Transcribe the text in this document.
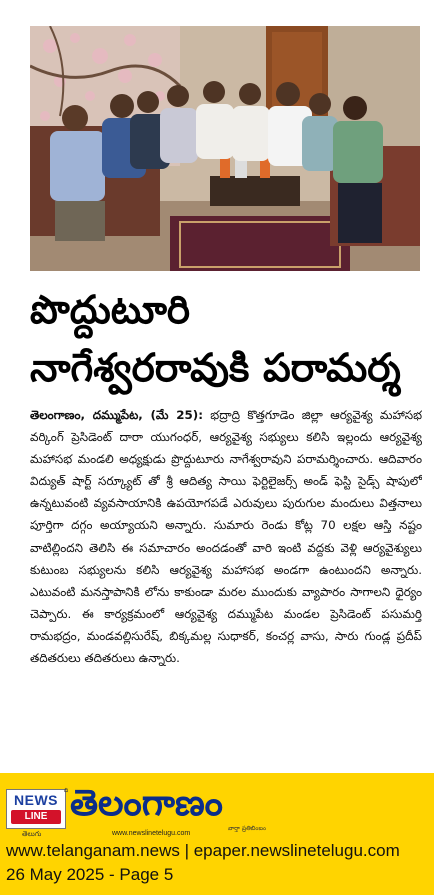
పొద్దుటూరి
నాగేశ్వరరావుకి పరామర్శ

తెలంగాణం, దమ్ముపేట, (మే 25): భద్రాద్రి కొత్తగూడెం జిల్లా ఆర్యవైశ్య మహాసభ వర్కింగ్ ప్రెసిడెంట్ దారా యుగంధర్, ఆర్యవైశ్య సభ్యులు కలిసి ఇల్లందు ఆర్యవైశ్య మహాసభ మండలి అధ్యక్షుడు ప్రొద్దుటూరు నాగేశ్వరావుని పరామర్శించారు. ఆదివారం విద్యుత్ షార్ట్ సర్క్యూట్ తో శ్రీ ఆదిత్య సాయి ఫెర్టిలైజర్స్ అండ్ ఫెస్టి సైడ్స్ షాపులో ఉన్నటువంటి వ్యవసాయానికి ఉపయోగపడే ఎరువులు పురుగుల మందులు విత్తనాలు పూర్తిగా దగ్గం అయ్యాయని అన్నారు. సుమారు రెండు కోట్ల 70 లక్షల ఆస్తి నష్టం వాటిల్లిందని తెలిసి ఈ సమాచారం అందడంతో వారి ఇంటి వద్దకు వెళ్లి ఆర్యవైశ్యులు కుటుంబ సభ్యులను కలిసి ఆర్యవైశ్య మహాసభ అండగా ఉంటుందని అన్నారు. ఎటువంటి మనస్తాపానికి లోను కాకుండా మరల ముందుకు వ్యాపారం సాగాలని ధైర్యం చెప్పారు. ఈ కార్యక్రమంలో ఆర్యవైశ్య దమ్ముపేట మండల ప్రెసిడెంట్ పసుమర్తి రామభద్రం, మండవల్లిసురేష్, బిక్కమల్ల సుధాకర్, కంచర్ల వాసు, సారు గుండ్ల ప్రదీప్ తదితరులు తదితరులు ఉన్నారు.

NEWS
LINE
తెలుగు
ది తెలంగాణం
వార్తా ప్రతిబింబం
www.newslinetelugu.com
www.telanganam.news | epaper.newslinetelugu.com
26 May 2025 - Page 5
